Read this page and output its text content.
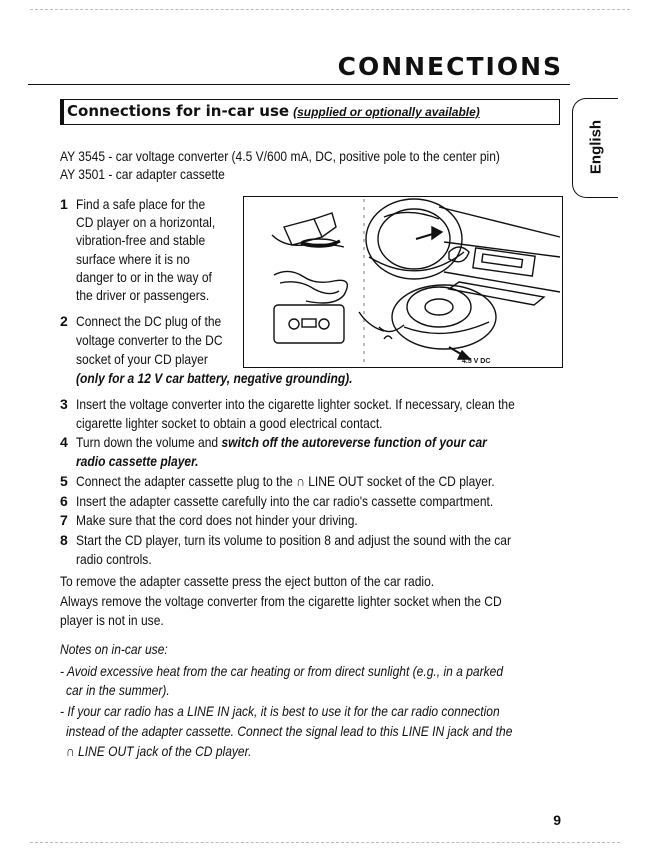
CONNECTIONS
Connections for in-car use (supplied or optionally available)
English
AY 3545 - car voltage converter (4.5 V/600 mA, DC, positive pole to the center pin)
AY 3501 - car adapter cassette
1 Find a safe place for the
CD player on a horizontal,
vibration-free and stable
surface where it is no
danger to or in the way of
the driver or passengers.
2 Connect the DC plug of the
voltage converter to the DC
socket of your CD player
(only for a 12 V car battery, negative grounding).
4.5 V DC
3 Insert the voltage converter into the cigarette lighter socket. If necessary, clean the
cigarette lighter socket to obtain a good electrical contact.
4 Turn down the volume and switch off the autoreverse function of your car
radio cassette player.
5 Connect the adapter cassette plug to the ∩ LINE OUT socket of the CD player.
6 Insert the adapter cassette carefully into the car radio's cassette compartment.
7 Make sure that the cord does not hinder your driving.
8 Start the CD player, turn its volume to position 8 and adjust the sound with the car
radio controls.
To remove the adapter cassette press the eject button of the car radio.
Always remove the voltage converter from the cigarette lighter socket when the CD
player is not in use.
Notes on in-car use:
- Avoid excessive heat from the car heating or from direct sunlight (e.g., in a parked
car in the summer).
- If your car radio has a LINE IN jack, it is best to use it for the car radio connection
instead of the adapter cassette. Connect the signal lead to this LINE IN jack and the
∩ LINE OUT jack of the CD player.
9
